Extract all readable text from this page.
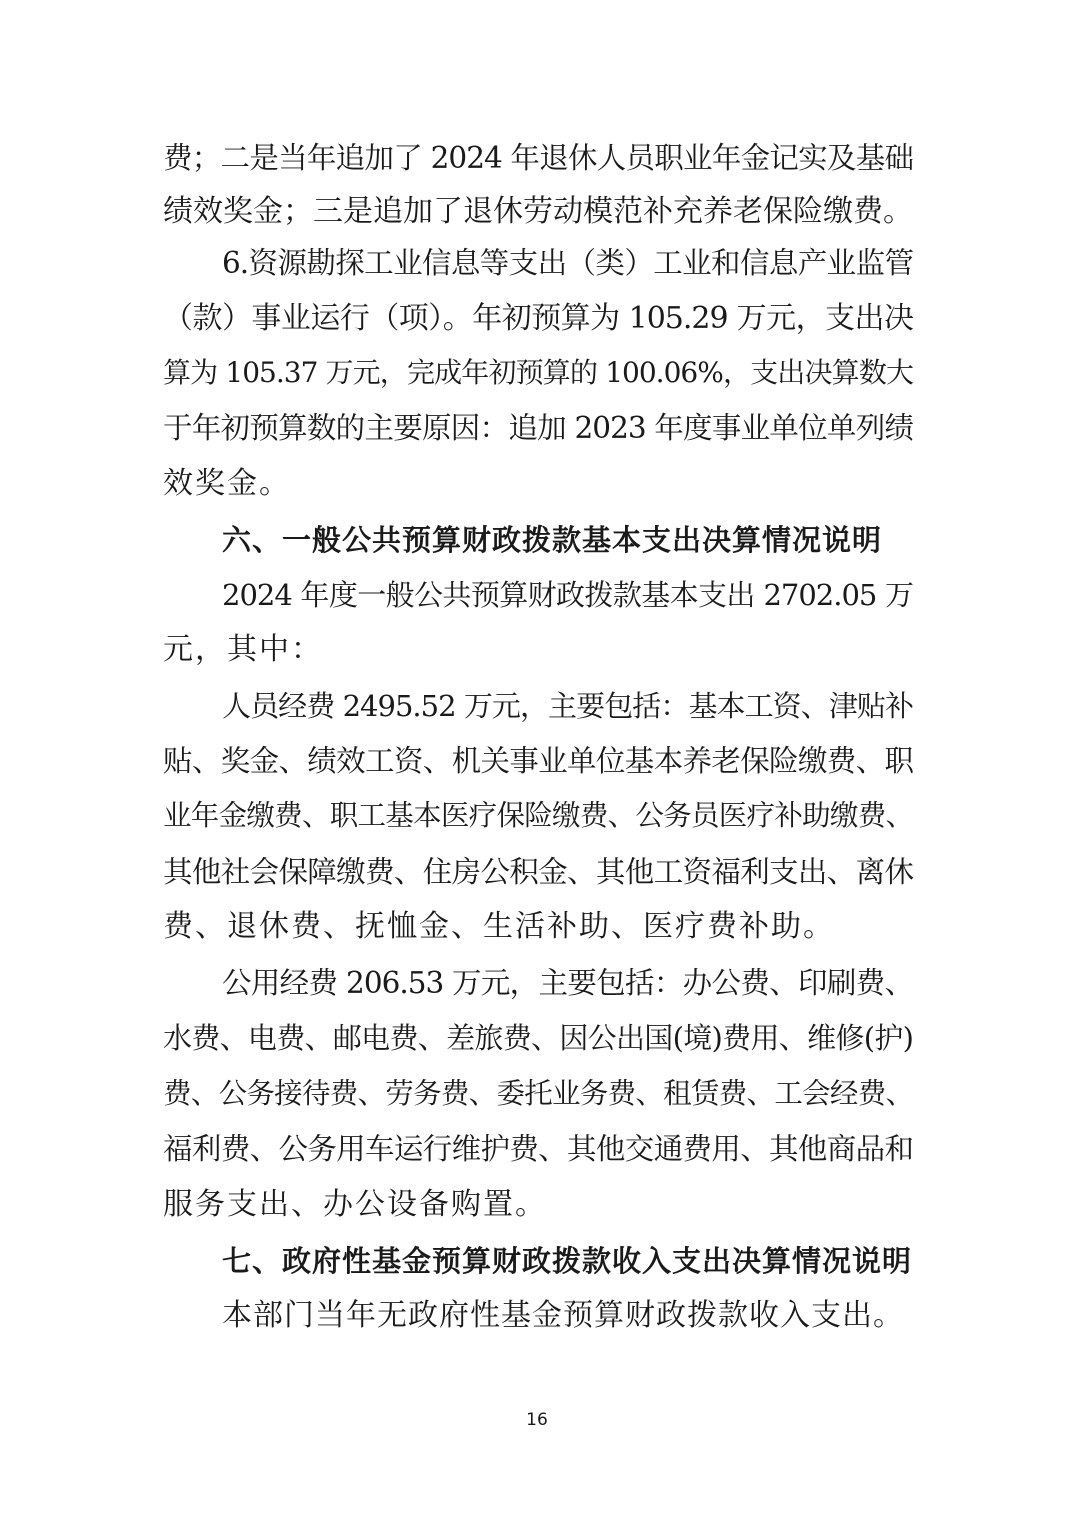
费；二是当年追加了 2024 年退休人员职业年金记实及基础
绩效奖金；三是追加了退休劳动模范补充养老保险缴费。
6.资源勘探工业信息等支出（类）工业和信息产业监管
（款）事业运行（项）。年初预算为 105.29 万元，支出决
算为 105.37 万元，完成年初预算的 100.06%，支出决算数大
于年初预算数的主要原因：追加 2023 年度事业单位单列绩
效奖金。
六、一般公共预算财政拨款基本支出决算情况说明
2024 年度一般公共预算财政拨款基本支出 2702.05 万
元，其中：
人员经费 2495.52 万元，主要包括：基本工资、津贴补
贴、奖金、绩效工资、机关事业单位基本养老保险缴费、职
业年金缴费、职工基本医疗保险缴费、公务员医疗补助缴费、
其他社会保障缴费、住房公积金、其他工资福利支出、离休
费、退休费、抚恤金、生活补助、医疗费补助。
公用经费 206.53 万元，主要包括：办公费、印刷费、
水费、电费、邮电费、差旅费、因公出国(境)费用、维修(护)
费、公务接待费、劳务费、委托业务费、租赁费、工会经费、
福利费、公务用车运行维护费、其他交通费用、其他商品和
服务支出、办公设备购置。
七、政府性基金预算财政拨款收入支出决算情况说明
本部门当年无政府性基金预算财政拨款收入支出。
16
